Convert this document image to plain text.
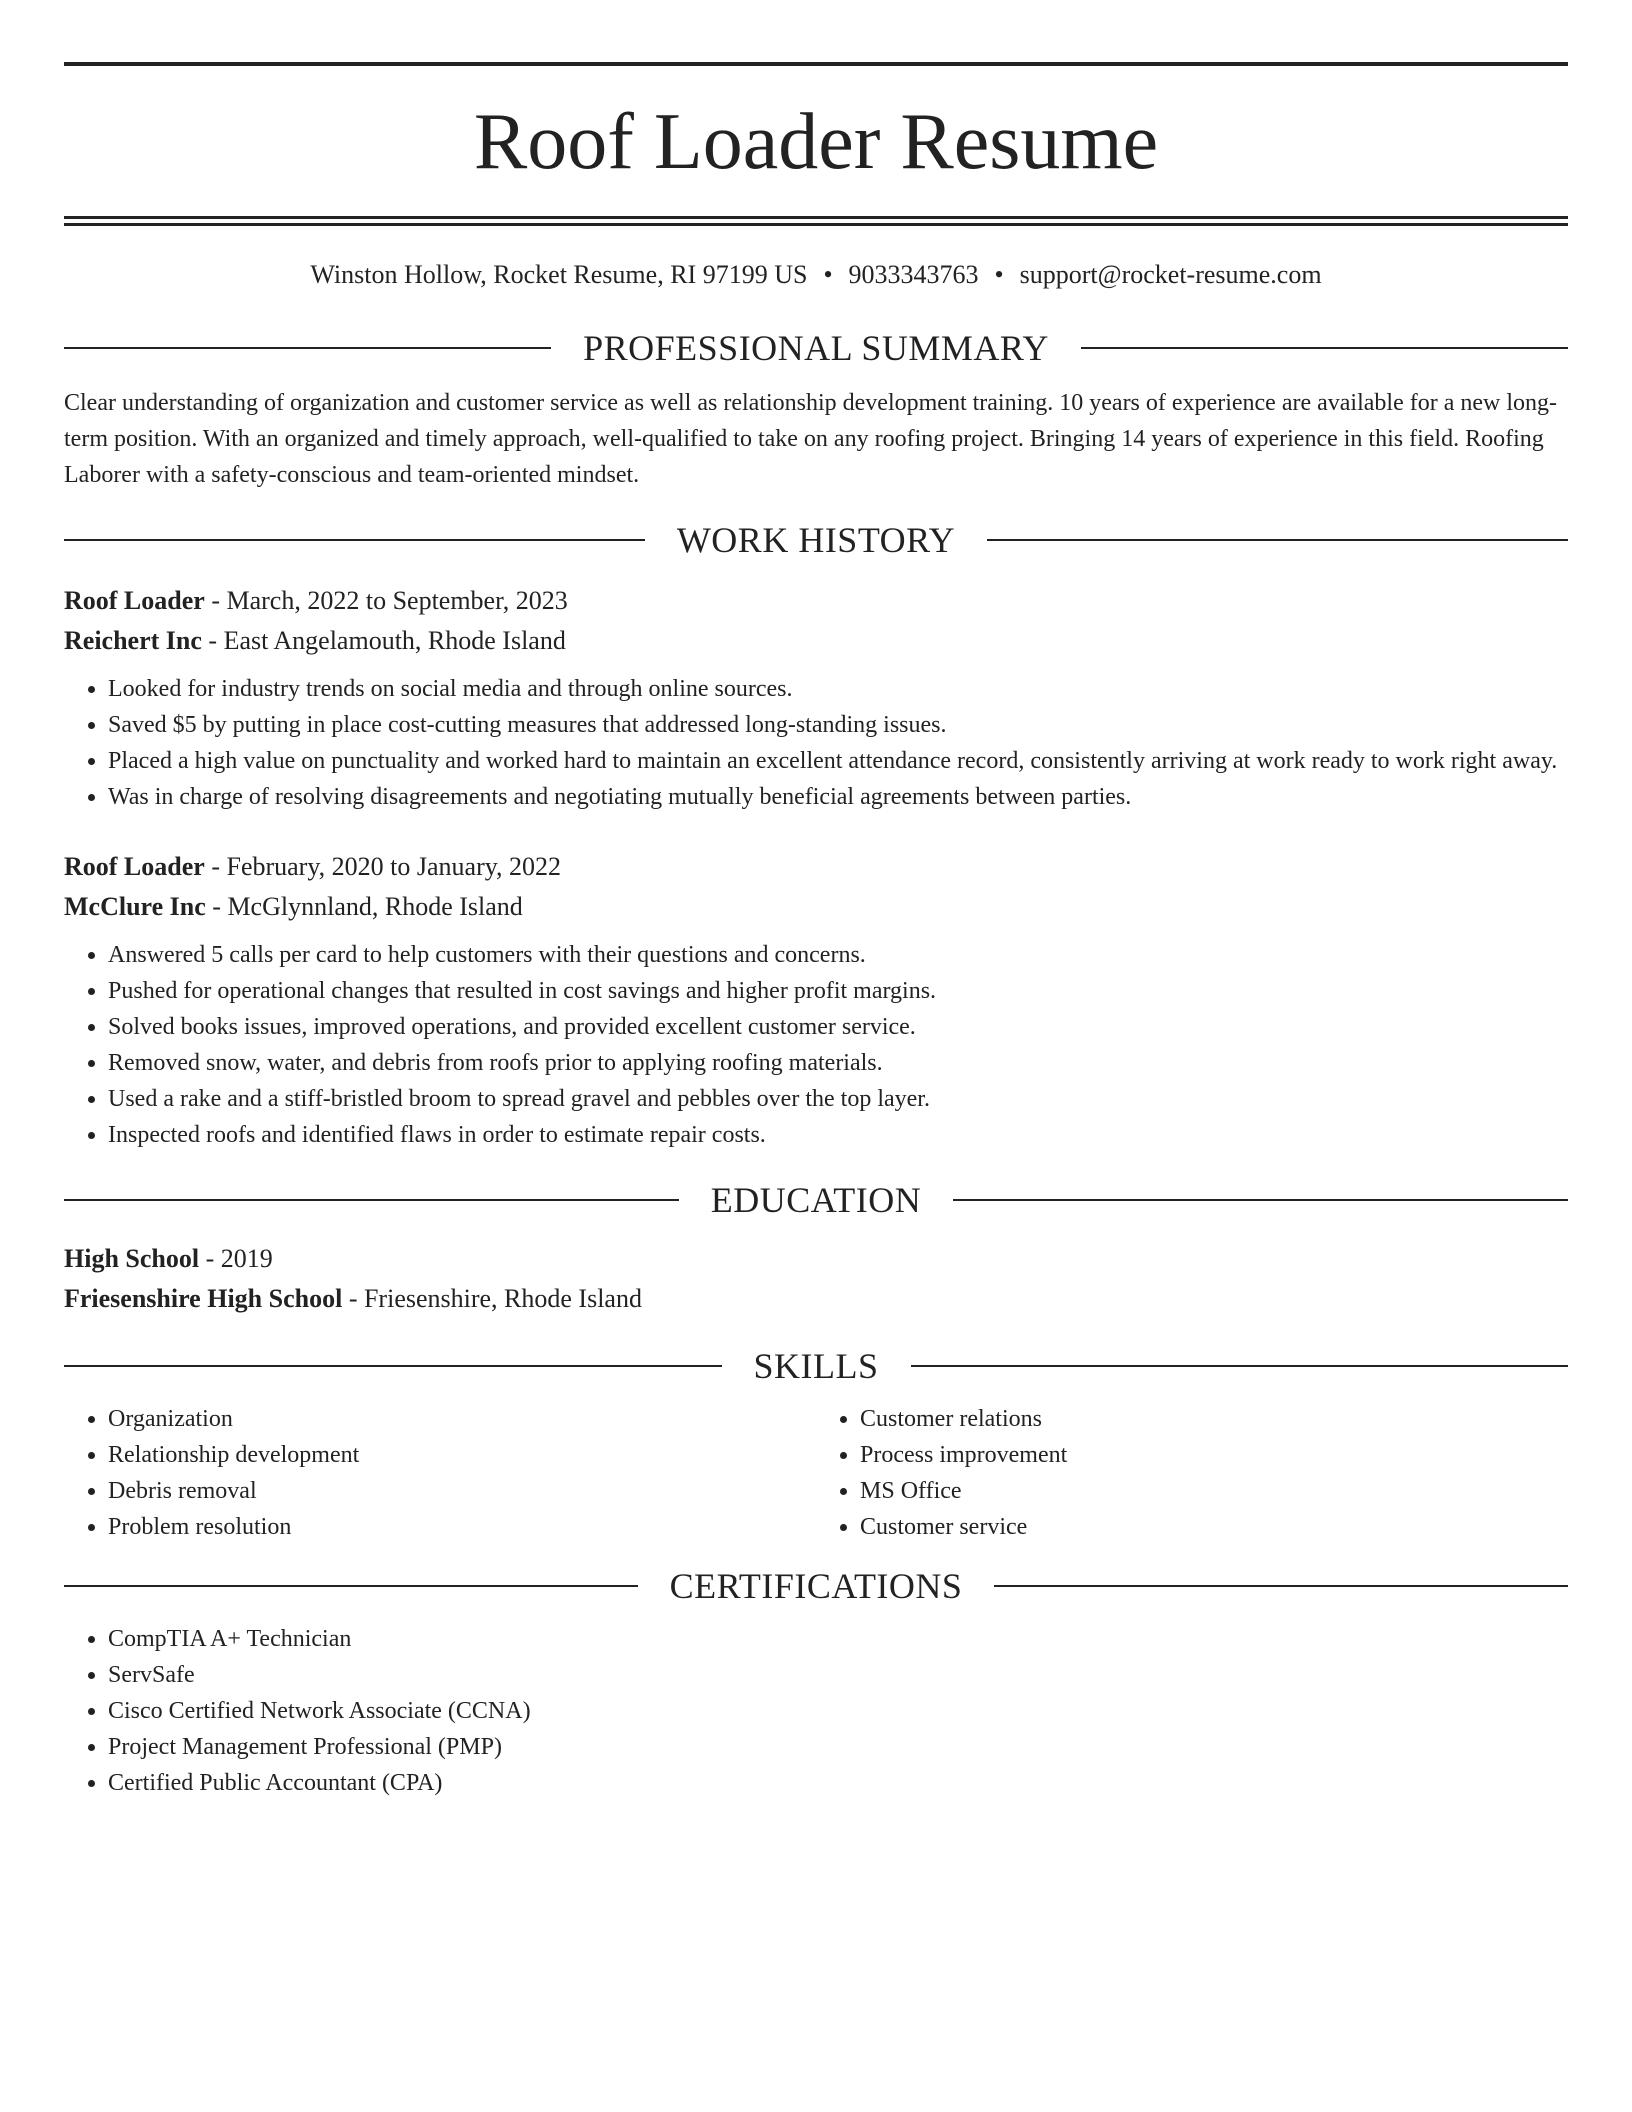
Roof Loader Resume
Winston Hollow, Rocket Resume, RI 97199 US • 9033343763 • support@rocket-resume.com
PROFESSIONAL SUMMARY
Clear understanding of organization and customer service as well as relationship development training. 10 years of experience are available for a new long-term position. With an organized and timely approach, well-qualified to take on any roofing project. Bringing 14 years of experience in this field. Roofing Laborer with a safety-conscious and team-oriented mindset.
WORK HISTORY
Roof Loader - March, 2022 to September, 2023
Reichert Inc - East Angelamouth, Rhode Island
• Looked for industry trends on social media and through online sources.
• Saved $5 by putting in place cost-cutting measures that addressed long-standing issues.
• Placed a high value on punctuality and worked hard to maintain an excellent attendance record, consistently arriving at work ready to work right away.
• Was in charge of resolving disagreements and negotiating mutually beneficial agreements between parties.
Roof Loader - February, 2020 to January, 2022
McClure Inc - McGlynnland, Rhode Island
• Answered 5 calls per card to help customers with their questions and concerns.
• Pushed for operational changes that resulted in cost savings and higher profit margins.
• Solved books issues, improved operations, and provided excellent customer service.
• Removed snow, water, and debris from roofs prior to applying roofing materials.
• Used a rake and a stiff-bristled broom to spread gravel and pebbles over the top layer.
• Inspected roofs and identified flaws in order to estimate repair costs.
EDUCATION
High School - 2019
Friesenshire High School - Friesenshire, Rhode Island
SKILLS
• Organization
• Relationship development
• Debris removal
• Problem resolution
• Customer relations
• Process improvement
• MS Office
• Customer service
CERTIFICATIONS
• CompTIA A+ Technician
• ServSafe
• Cisco Certified Network Associate (CCNA)
• Project Management Professional (PMP)
• Certified Public Accountant (CPA)
